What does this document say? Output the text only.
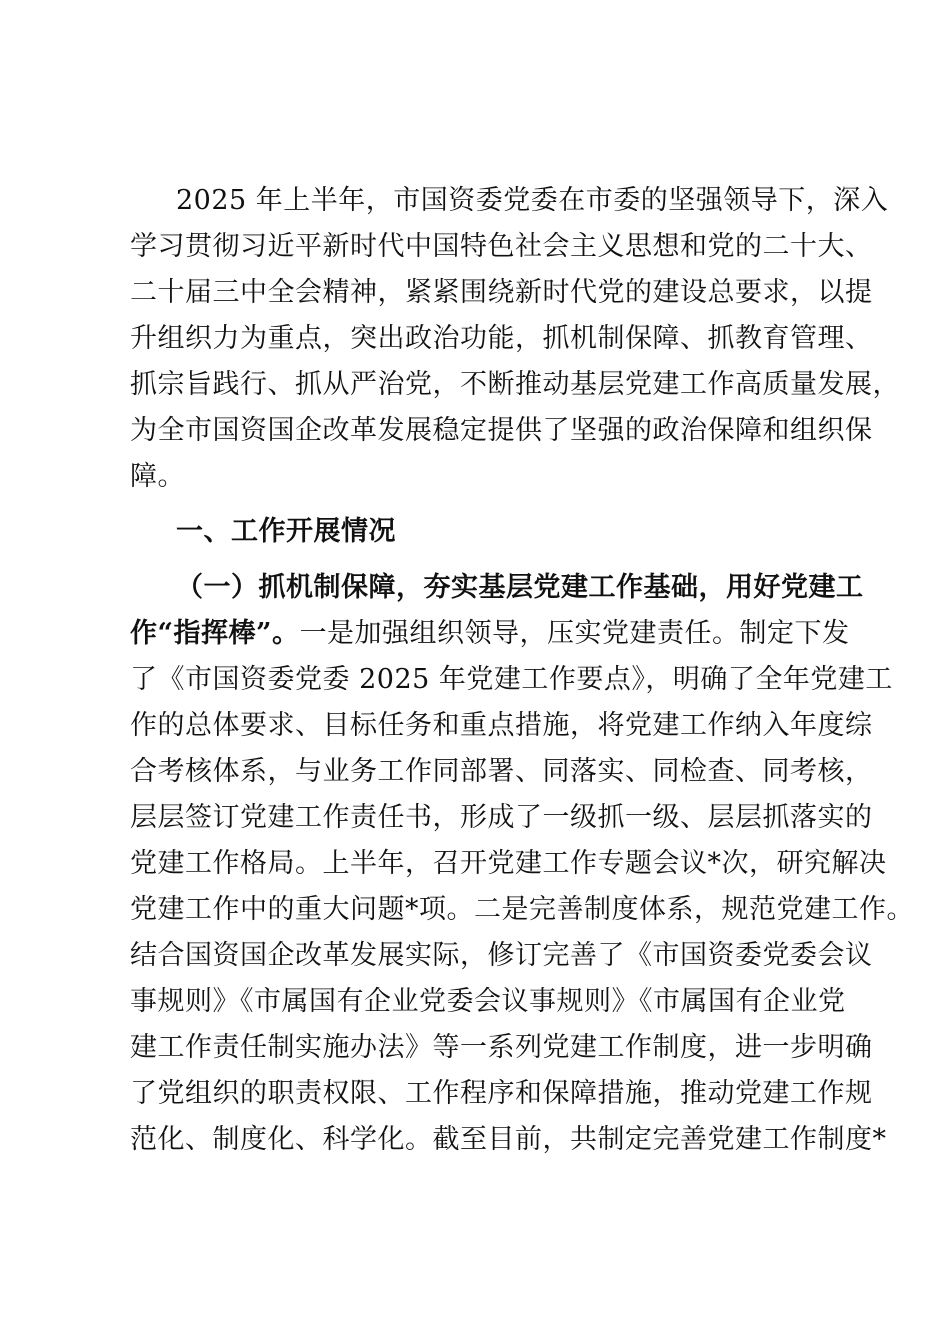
2025 年上半年，市国资委党委在市委的坚强领导下，深入
学习贯彻习近平新时代中国特色社会主义思想和党的二十大、
二十届三中全会精神，紧紧围绕新时代党的建设总要求，以提
升组织力为重点，突出政治功能，抓机制保障、抓教育管理、
抓宗旨践行、抓从严治党，不断推动基层党建工作高质量发展，
为全市国资国企改革发展稳定提供了坚强的政治保障和组织保
障。
一、工作开展情况
（一）抓机制保障，夯实基层党建工作基础，用好党建工
作“指挥棒”。一是加强组织领导，压实党建责任。制定下发
了《市国资委党委 2025 年党建工作要点》，明确了全年党建工
作的总体要求、目标任务和重点措施，将党建工作纳入年度综
合考核体系，与业务工作同部署、同落实、同检查、同考核，
层层签订党建工作责任书，形成了一级抓一级、层层抓落实的
党建工作格局。上半年，召开党建工作专题会议*次，研究解决
党建工作中的重大问题*项。二是完善制度体系，规范党建工作。
结合国资国企改革发展实际，修订完善了《市国资委党委会议
事规则》《市属国有企业党委会议事规则》《市属国有企业党
建工作责任制实施办法》等一系列党建工作制度，进一步明确
了党组织的职责权限、工作程序和保障措施，推动党建工作规
范化、制度化、科学化。截至目前，共制定完善党建工作制度*
